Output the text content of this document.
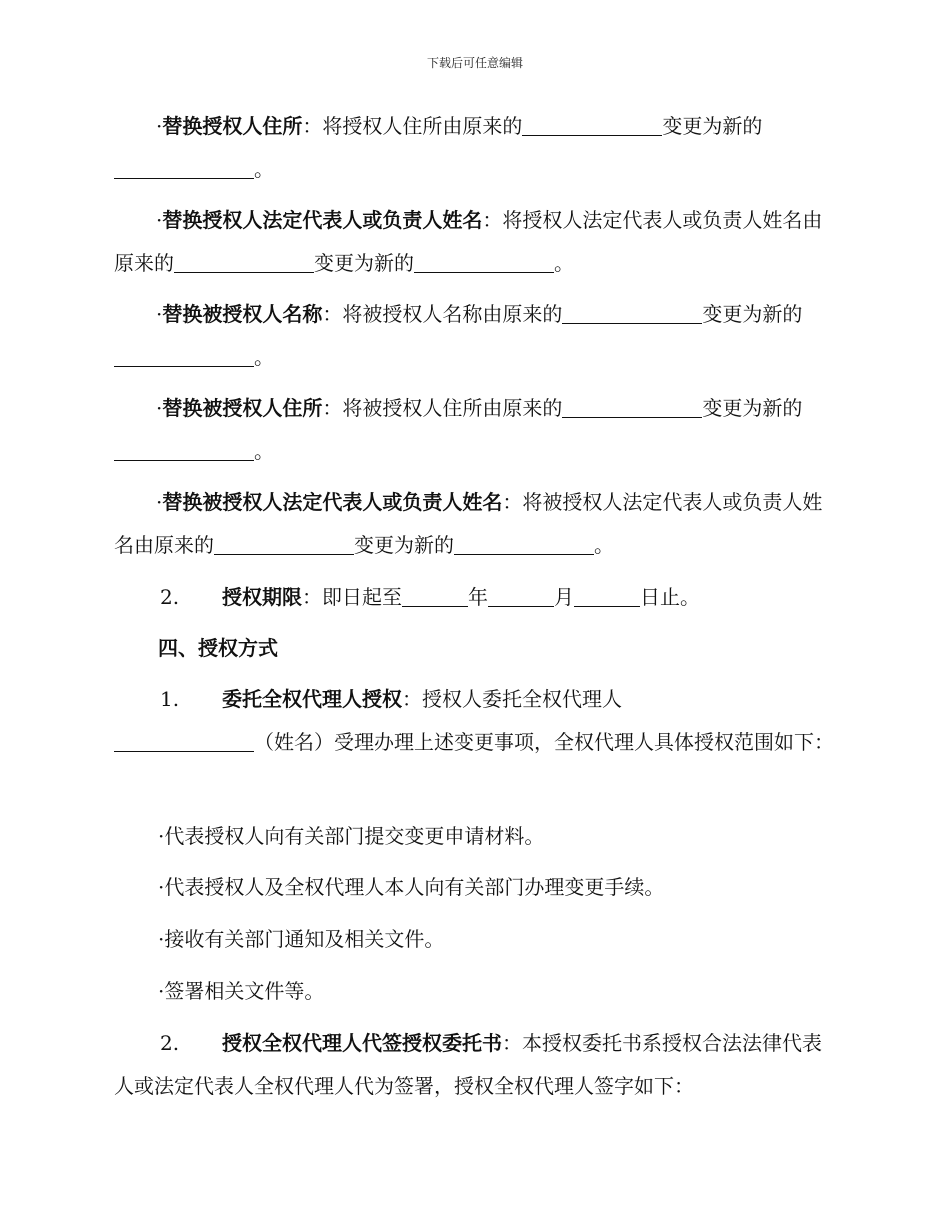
下载后可任意编辑
·替换授权人住所：将授权人住所由原来的	变更为新的。
·替换授权人法定代表人或负责人姓名：将授权人法定代表人或负责人姓名由原来的	变更为新的	。
·替换被授权人名称：将被授权人名称由原来的	变更为新的。
·替换被授权人住所：将被授权人住所由原来的	变更为新的。
·替换被授权人法定代表人或负责人姓名：将被授权人法定代表人或负责人姓名由原来的	变更为新的	。
2. 授权期限：即日起至	年	月	日止。
四、授权方式
1. 委托全权代理人授权：授权人委托全权代理人
（姓名）受理办理上述变更事项，全权代理人具体授权范围如下：
·代表授权人向有关部门提交变更申请材料。
·代表授权人及全权代理人本人向有关部门办理变更手续。
·接收有关部门通知及相关文件。
·签署相关文件等。
2. 授权全权代理人代签授权委托书：本授权委托书系授权合法法律代表人或法定代表人全权代理人代为签署，授权全权代理人签字如下：
